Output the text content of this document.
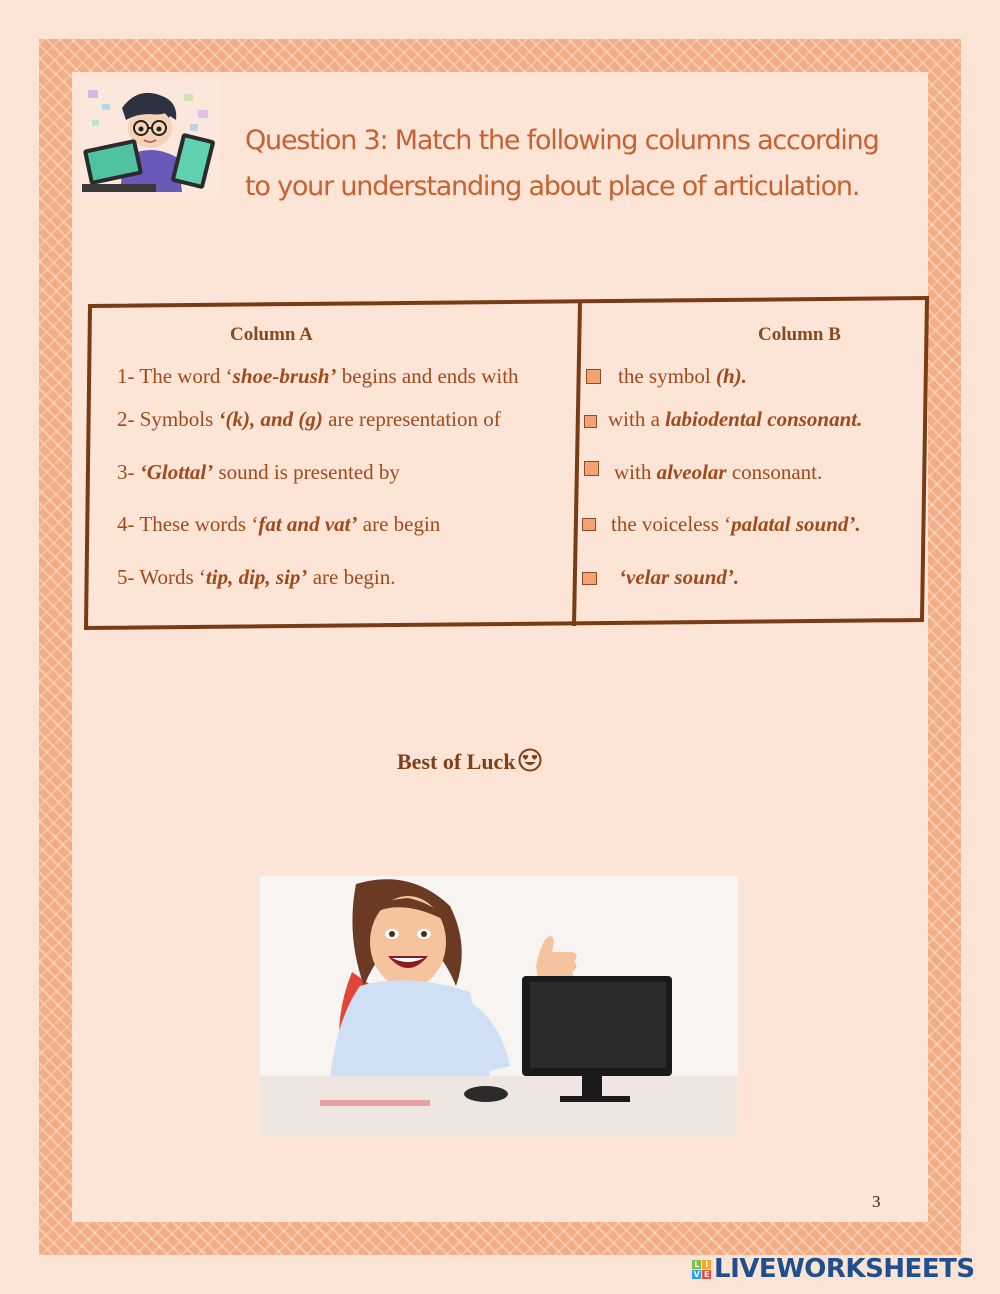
Question 3: Match the following columns according
to your understanding about place of articulation.
Column A	Column B
1- The word ‘shoe-brush’ begins and ends with
2- Symbols ‘(k), and (g) are representation of
3- ‘Glottal’ sound is presented by
4- These words ‘fat and vat’ are begin
5- Words ‘tip, dip, sip’ are begin.
the symbol (h).
with a labiodental consonant.
with alveolar consonant.
the voiceless ‘palatal sound’.
‘velar sound’.
Best of Luck
3
L I
V E LIVEWORKSHEETS
